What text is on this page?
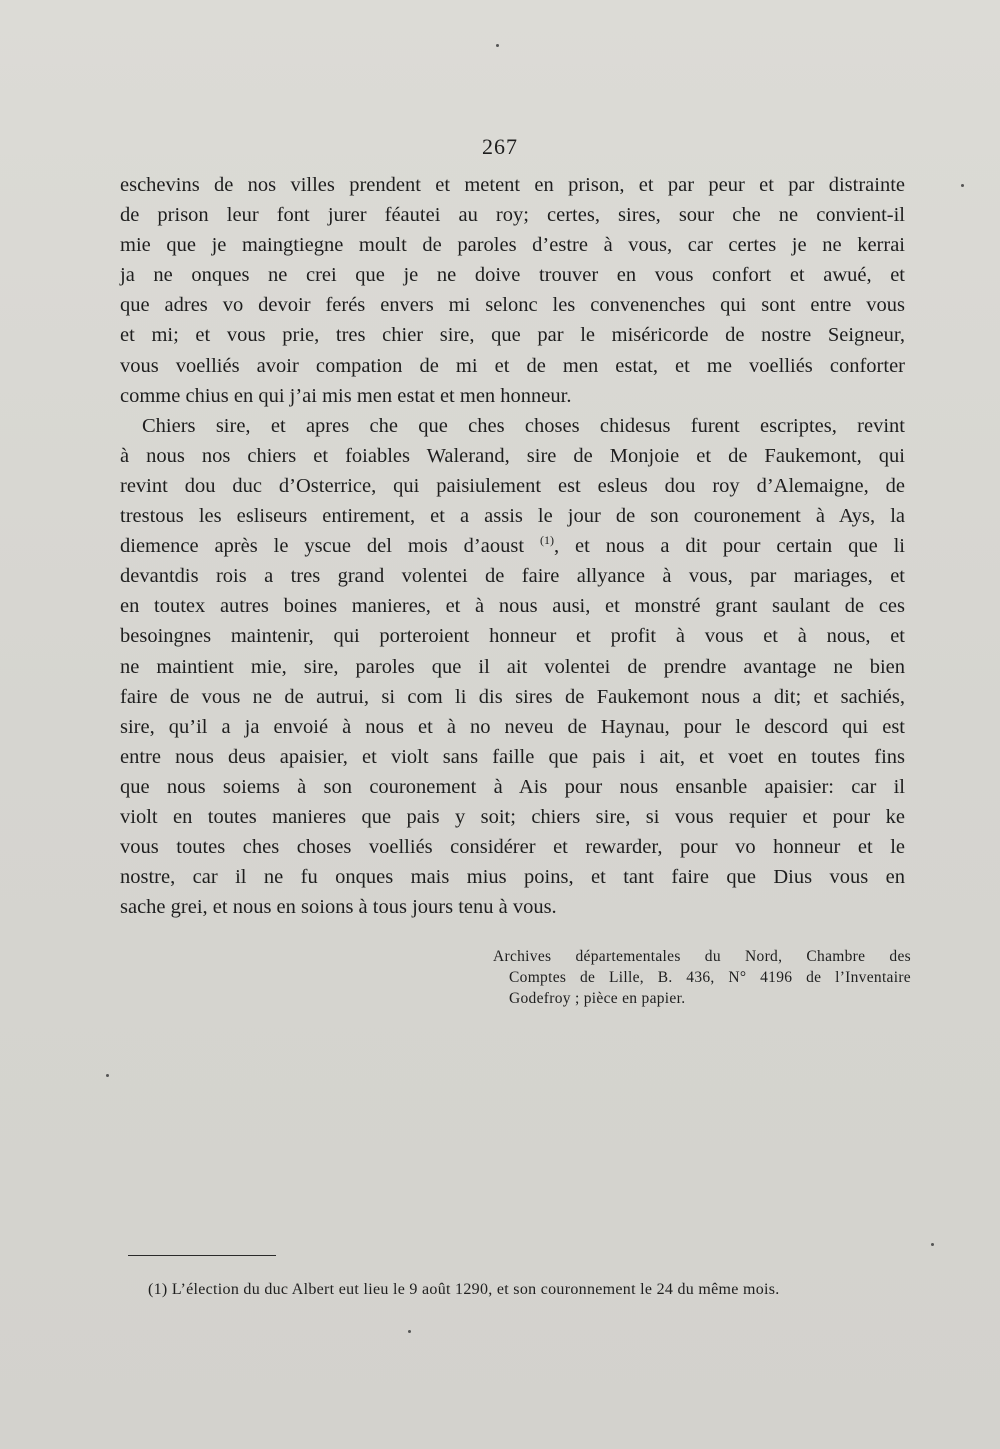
267
eschevins de nos villes prendent et metent en prison, et par peur et par distrainte
de prison leur font jurer féautei au roy; certes, sires, sour che ne convient-il
mie que je maingtiegne moult de paroles d’estre à vous, car certes je ne kerrai
ja ne onques ne crei que je ne doive trouver en vous confort et awué, et
que adres vo devoir ferés envers mi selonc les convenenches qui sont entre vous
et mi; et vous prie, tres chier sire, que par le miséricorde de nostre Seigneur,
vous voelliés avoir compation de mi et de men estat, et me voelliés conforter
comme chius en qui j’ai mis men estat et men honneur.
Chiers sire, et apres che que ches choses chidesus furent escriptes, revint
à nous nos chiers et foiables Walerand, sire de Monjoie et de Faukemont, qui
revint dou duc d’Osterrice, qui paisiulement est esleus dou roy d’Alemaigne, de
trestous les esliseurs entirement, et a assis le jour de son couronement à Ays, la
diemence après le yscue del mois d’aoust $^{(1)}$, et nous a dit pour certain que li
devantdis rois a tres grand volentei de faire allyance à vous, par mariages, et
en toutex autres boines manieres, et à nous ausi, et monstré grant saulant de ces
besoingnes maintenir, qui porteroient honneur et profit à vous et à nous, et
ne maintient mie, sire, paroles que il ait volentei de prendre avantage ne bien
faire de vous ne de autrui, si com li dis sires de Faukemont nous a dit; et sachiés,
sire, qu’il a ja envoié à nous et à no neveu de Haynau, pour le descord qui est
entre nous deus apaisier, et violt sans faille que pais i ait, et voet en toutes fins
que nous soiems à son couronement à Ais pour nous ensanble apaisier: car il
violt en toutes manieres que pais y soit; chiers sire, si vous requier et pour ke
vous toutes ches choses voelliés considérer et rewarder, pour vo honneur et le
nostre, car il ne fu onques mais mius poins, et tant faire que Dius vous en
sache grei, et nous en soions à tous jours tenu à vous.
Archives départementales du Nord, Chambre des
Comptes de Lille, B. 436, N° 4196 de l’Inventaire
Godefroy ; pièce en papier.
(1) L’élection du duc Albert eut lieu le 9 août 1290, et son couronnement le 24 du même mois.
